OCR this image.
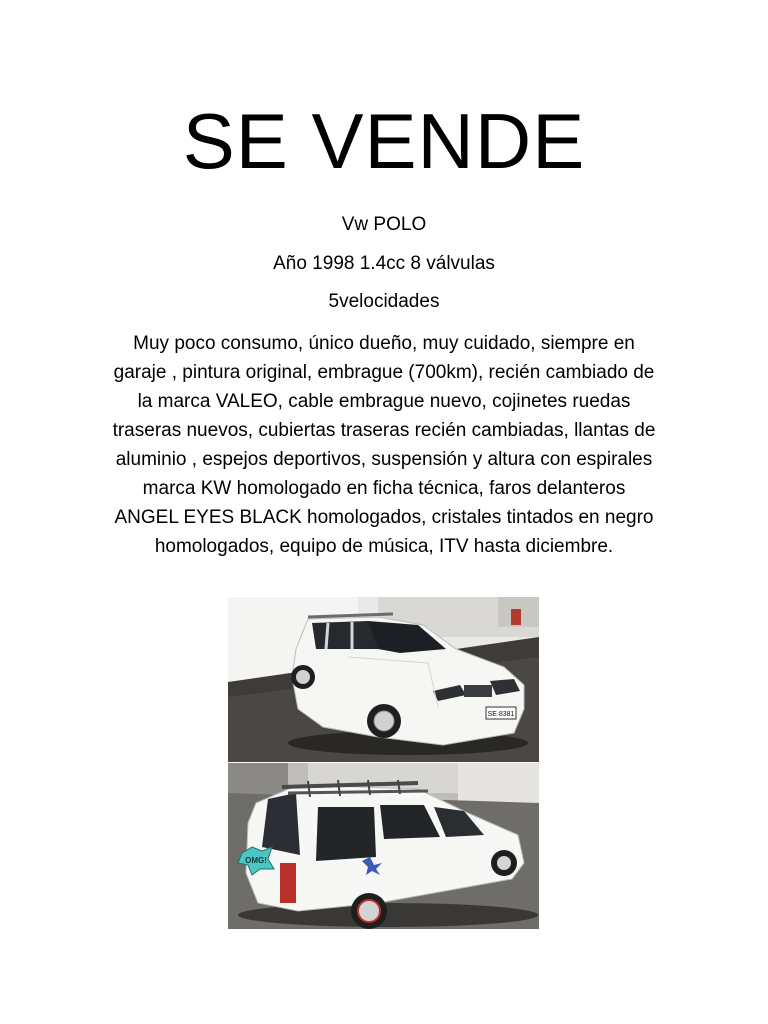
SE VENDE

Vw POLO

Año 1998 1.4cc 8 válvulas

5velocidades

Muy poco consumo, único dueño, muy cuidado, siempre en garaje , pintura original, embrague (700km), recién cambiado de la marca VALEO, cable embrague nuevo, cojinetes ruedas traseras nuevos, cubiertas traseras recién cambiadas, llantas de aluminio , espejos deportivos, suspensión y altura con espirales marca KW homologado en ficha técnica, faros delanteros ANGEL EYES BLACK homologados, cristales tintados en negro homologados, equipo de música, ITV hasta diciembre.

SE 8381
OMG!
